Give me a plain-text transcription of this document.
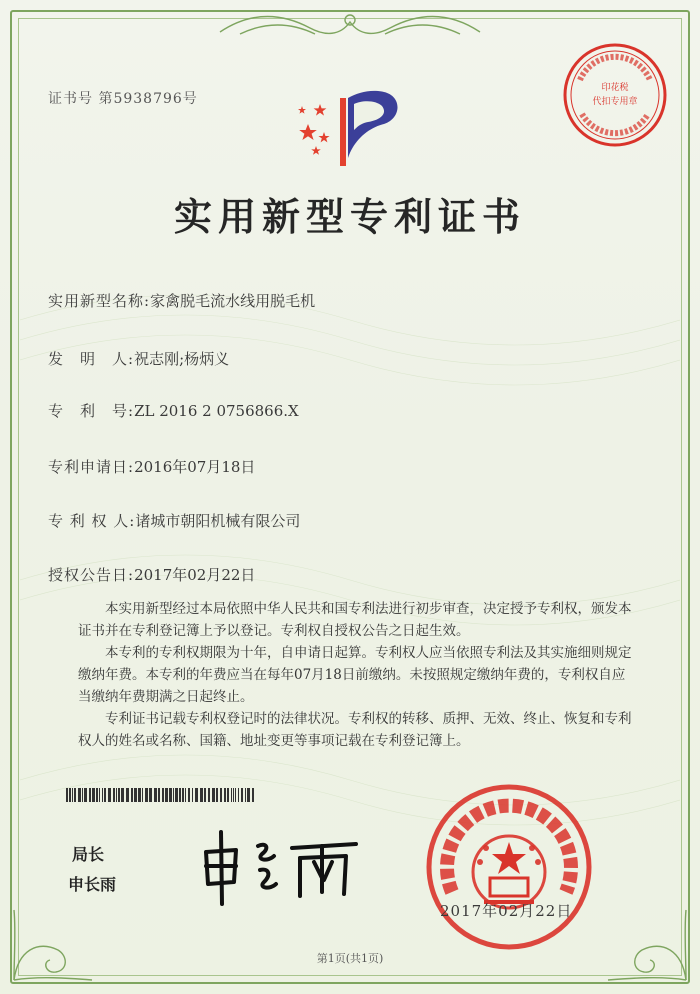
证书号 第5938796号
印花税
代扣专用章
实用新型专利证书
实用新型名称:家禽脱毛流水线用脱毛机
发　明　人:祝志刚;杨炳义
专　利　号:ZL 2016 2 0756866.X
专利申请日:2016年07月18日
专 利 权 人:诸城市朝阳机械有限公司
授权公告日:2017年02月22日
本实用新型经过本局依照中华人民共和国专利法进行初步审查，决定授予专利权，颁发本证书并在专利登记簿上予以登记。专利权自授权公告之日起生效。
本专利的专利权期限为十年，自申请日起算。专利权人应当依照专利法及其实施细则规定缴纳年费。本专利的年费应当在每年07月18日前缴纳。未按照规定缴纳年费的，专利权自应当缴纳年费期满之日起终止。
专利证书记载专利权登记时的法律状况。专利权的转移、质押、无效、终止、恢复和专利权人的姓名或名称、国籍、地址变更等事项记载在专利登记簿上。
局长
申长雨
2017年02月22日
第1页(共1页)
